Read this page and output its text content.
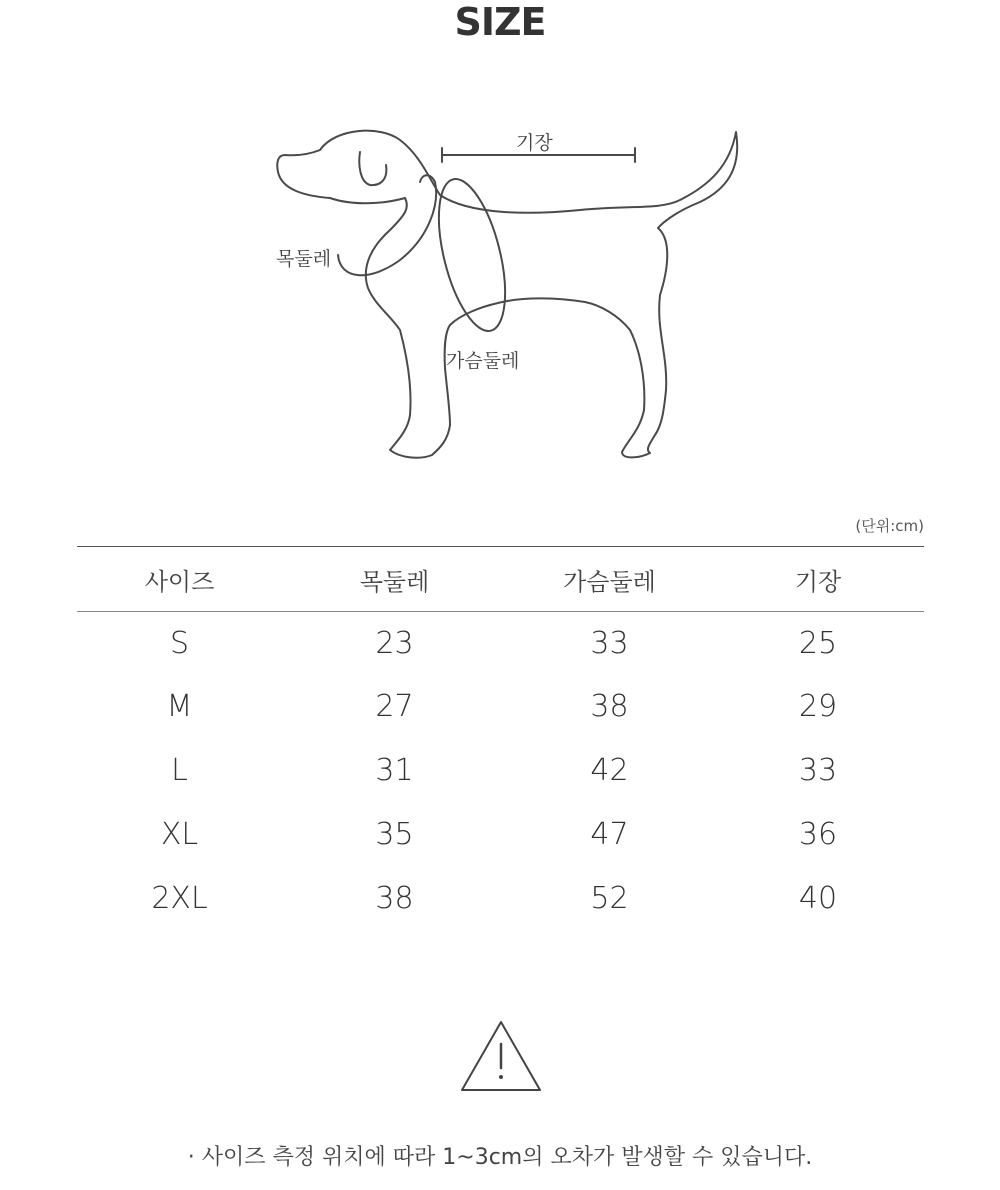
SIZE
기장
목둘레
가슴둘레
(단위:cm)
사이즈	목둘레	가슴둘레	기장
S	23	33	25
M	27	38	29
L	31	42	33
XL	35	47	36
2XL	38	52	40
· 사이즈 측정 위치에 따라 1~3cm의 오차가 발생할 수 있습니다.
